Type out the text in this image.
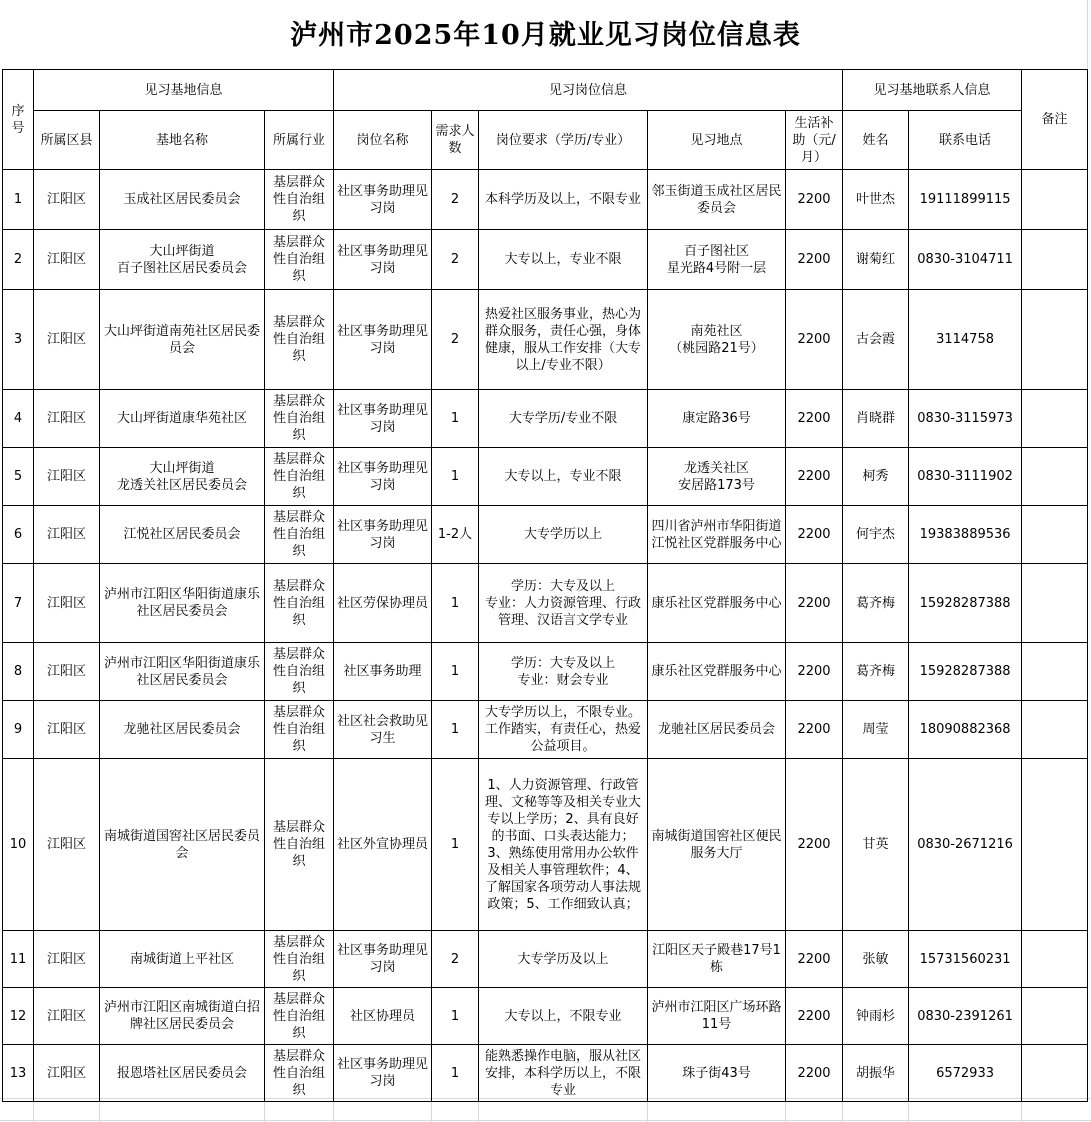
泸州市2025年10月就业见习岗位信息表
序号	见习基地信息			见习岗位信息					见习基地联系人信息		备注
	所属区县	基地名称	所属行业	岗位名称	需求人数	岗位要求（学历/专业）	见习地点	生活补助（元/月）	姓名	联系电话	
1	江阳区	玉成社区居民委员会	基层群众性自治组织	社区事务助理见习岗	2	本科学历及以上，不限专业	邻玉街道玉成社区居民委员会	2200	叶世杰	19111899115	
2	江阳区	大山坪街道
百子图社区居民委员会	基层群众性自治组织	社区事务助理见习岗	2	大专以上，专业不限	百子图社区
星光路4号附一层	2200	谢菊红	0830-3104711	
3	江阳区	大山坪街道南苑社区居民委员会	基层群众性自治组织	社区事务助理见习岗	2	热爱社区服务事业，热心为群众服务，责任心强，身体健康，服从工作安排（大专以上/专业不限）	南苑社区
（桃园路21号）	2200	古会霞	3114758	
4	江阳区	大山坪街道康华苑社区	基层群众性自治组织	社区事务助理见习岗	1	大专学历/专业不限	康定路36号	2200	肖晓群	0830-3115973	
5	江阳区	大山坪街道
龙透关社区居民委员会	基层群众性自治组织	社区事务助理见习岗	1	大专以上，专业不限	龙透关社区
安居路173号	2200	柯秀	0830-3111902	
6	江阳区	江悦社区居民委员会	基层群众性自治组织	社区事务助理见习岗	1-2人	大专学历以上	四川省泸州市华阳街道江悦社区党群服务中心	2200	何宇杰	19383889536	
7	江阳区	泸州市江阳区华阳街道康乐社区居民委员会	基层群众性自治组织	社区劳保协理员	1	学历：大专及以上
专业：人力资源管理、行政管理、汉语言文学专业	康乐社区党群服务中心	2200	葛齐梅	15928287388	
8	江阳区	泸州市江阳区华阳街道康乐社区居民委员会	基层群众性自治组织	社区事务助理	1	学历：大专及以上
专业：财会专业	康乐社区党群服务中心	2200	葛齐梅	15928287388	
9	江阳区	龙驰社区居民委员会	基层群众性自治组织	社区社会救助见习生	1	大专学历以上，不限专业。工作踏实，有责任心，热爱公益项目。	龙驰社区居民委员会	2200	周莹	18090882368	
10	江阳区	南城街道国窖社区居民委员会	基层群众性自治组织	社区外宣协理员	1	1、人力资源管理、行政管理、文秘等等及相关专业大专以上学历；2、具有良好的书面、口头表达能力；3、熟练使用常用办公软件及相关人事管理软件；4、了解国家各项劳动人事法规政策；5、工作细致认真；	南城街道国窖社区便民服务大厅	2200	甘英	0830-2671216	
11	江阳区	南城街道上平社区	基层群众性自治组织	社区事务助理见习岗	2	大专学历及以上	江阳区天子殿巷17号1栋	2200	张敏	15731560231	
12	江阳区	泸州市江阳区南城街道白招牌社区居民委员会	基层群众性自治组织	社区协理员	1	大专以上，不限专业	泸州市江阳区广场环路11号	2200	钟雨杉	0830-2391261	
13	江阳区	报恩塔社区居民委员会	基层群众性自治组织	社区事务助理见习岗	1	能熟悉操作电脑，服从社区安排，本科学历以上，不限专业	珠子街43号	2200	胡振华	6572933	
